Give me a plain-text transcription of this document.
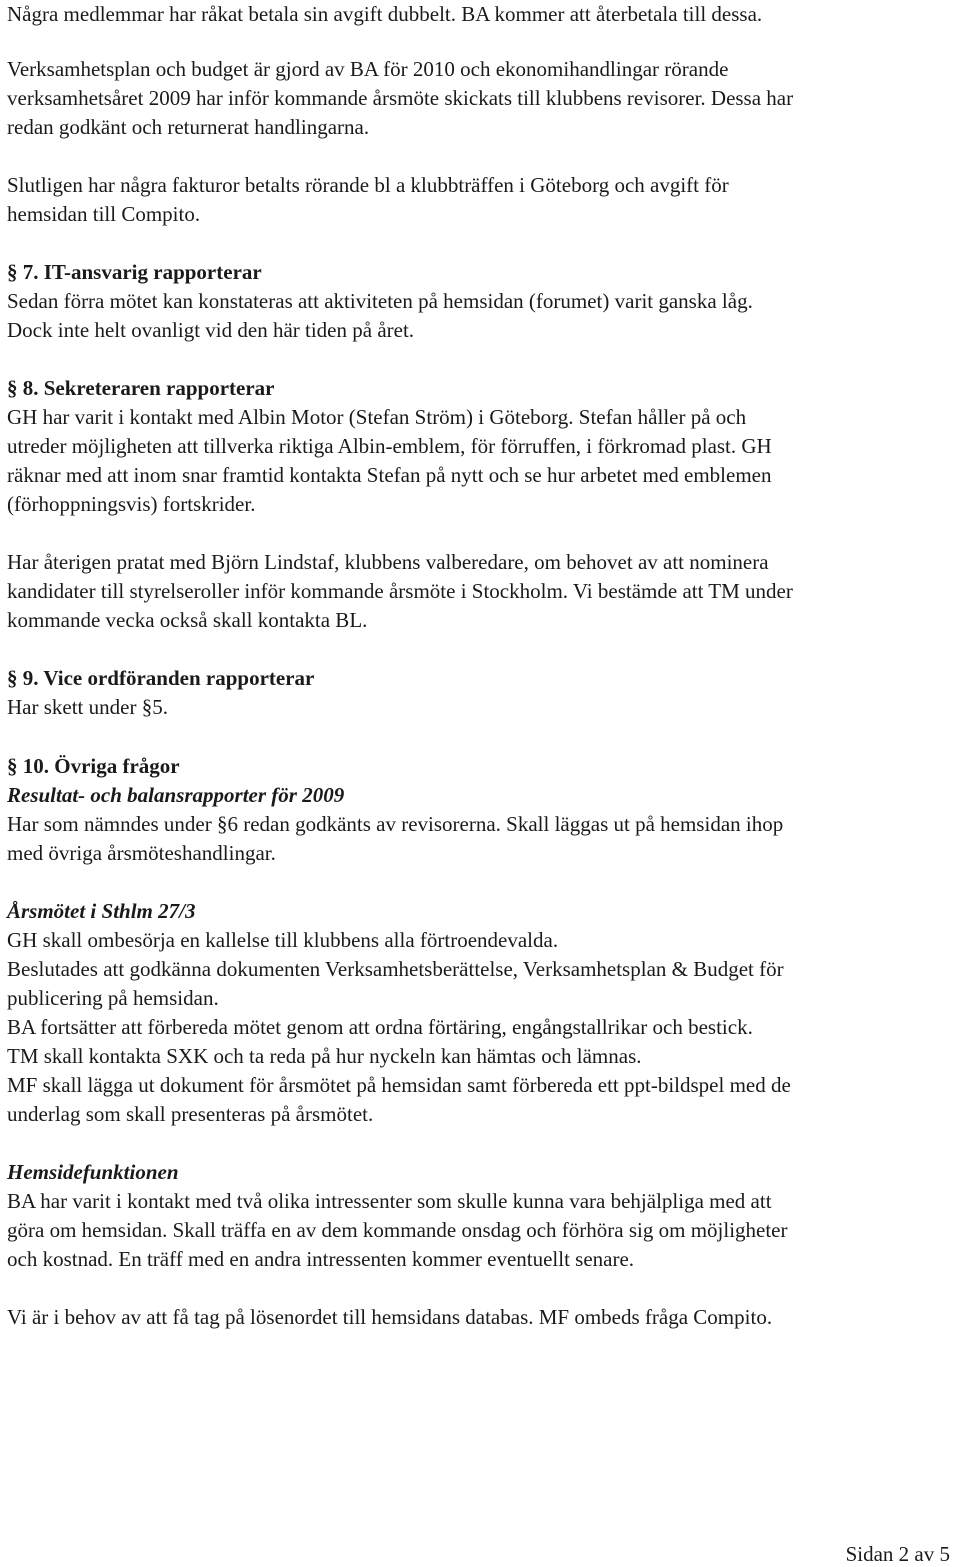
Några medlemmar har råkat betala sin avgift dubbelt. BA kommer att återbetala till dessa.
Verksamhetsplan och budget är gjord av BA för 2010 och ekonomihandlingar rörande
verksamhetsåret 2009 har inför kommande årsmöte skickats till klubbens revisorer. Dessa har
redan godkänt och returnerat handlingarna.
Slutligen har några fakturor betalts rörande bl a klubbträffen i Göteborg och avgift för
hemsidan till Compito.
§ 7. IT-ansvarig rapporterar
Sedan förra mötet kan konstateras att aktiviteten på hemsidan (forumet) varit ganska låg.
Dock inte helt ovanligt vid den här tiden på året.
§ 8. Sekreteraren rapporterar
GH har varit i kontakt med Albin Motor (Stefan Ström) i Göteborg. Stefan håller på och
utreder möjligheten att tillverka riktiga Albin-emblem, för förruffen, i förkromad plast. GH
räknar med att inom snar framtid kontakta Stefan på nytt och se hur arbetet med emblemen
(förhoppningsvis) fortskrider.
Har återigen pratat med Björn Lindstaf, klubbens valberedare, om behovet av att nominera
kandidater till styrelseroller inför kommande årsmöte i Stockholm. Vi bestämde att TM under
kommande vecka också skall kontakta BL.
§ 9. Vice ordföranden rapporterar
Har skett under §5.
§ 10. Övriga frågor
Resultat- och balansrapporter för 2009
Har som nämndes under §6 redan godkänts av revisorerna. Skall läggas ut på hemsidan ihop
med övriga årsmöteshandlingar.
Årsmötet i Sthlm 27/3
GH skall ombesörja en kallelse till klubbens alla förtroendevalda.
Beslutades att godkänna dokumenten Verksamhetsberättelse, Verksamhetsplan & Budget för
publicering på hemsidan.
BA fortsätter att förbereda mötet genom att ordna förtäring, engångstallrikar och bestick.
TM skall kontakta SXK och ta reda på hur nyckeln kan hämtas och lämnas.
MF skall lägga ut dokument för årsmötet på hemsidan samt förbereda ett ppt-bildspel med de
underlag som skall presenteras på årsmötet.
Hemsidefunktionen
BA har varit i kontakt med två olika intressenter som skulle kunna vara behjälpliga med att
göra om hemsidan. Skall träffa en av dem kommande onsdag och förhöra sig om möjligheter
och kostnad. En träff med en andra intressenten kommer eventuellt senare.
Vi är i behov av att få tag på lösenordet till hemsidans databas. MF ombeds fråga Compito.
Sidan 2 av 5
